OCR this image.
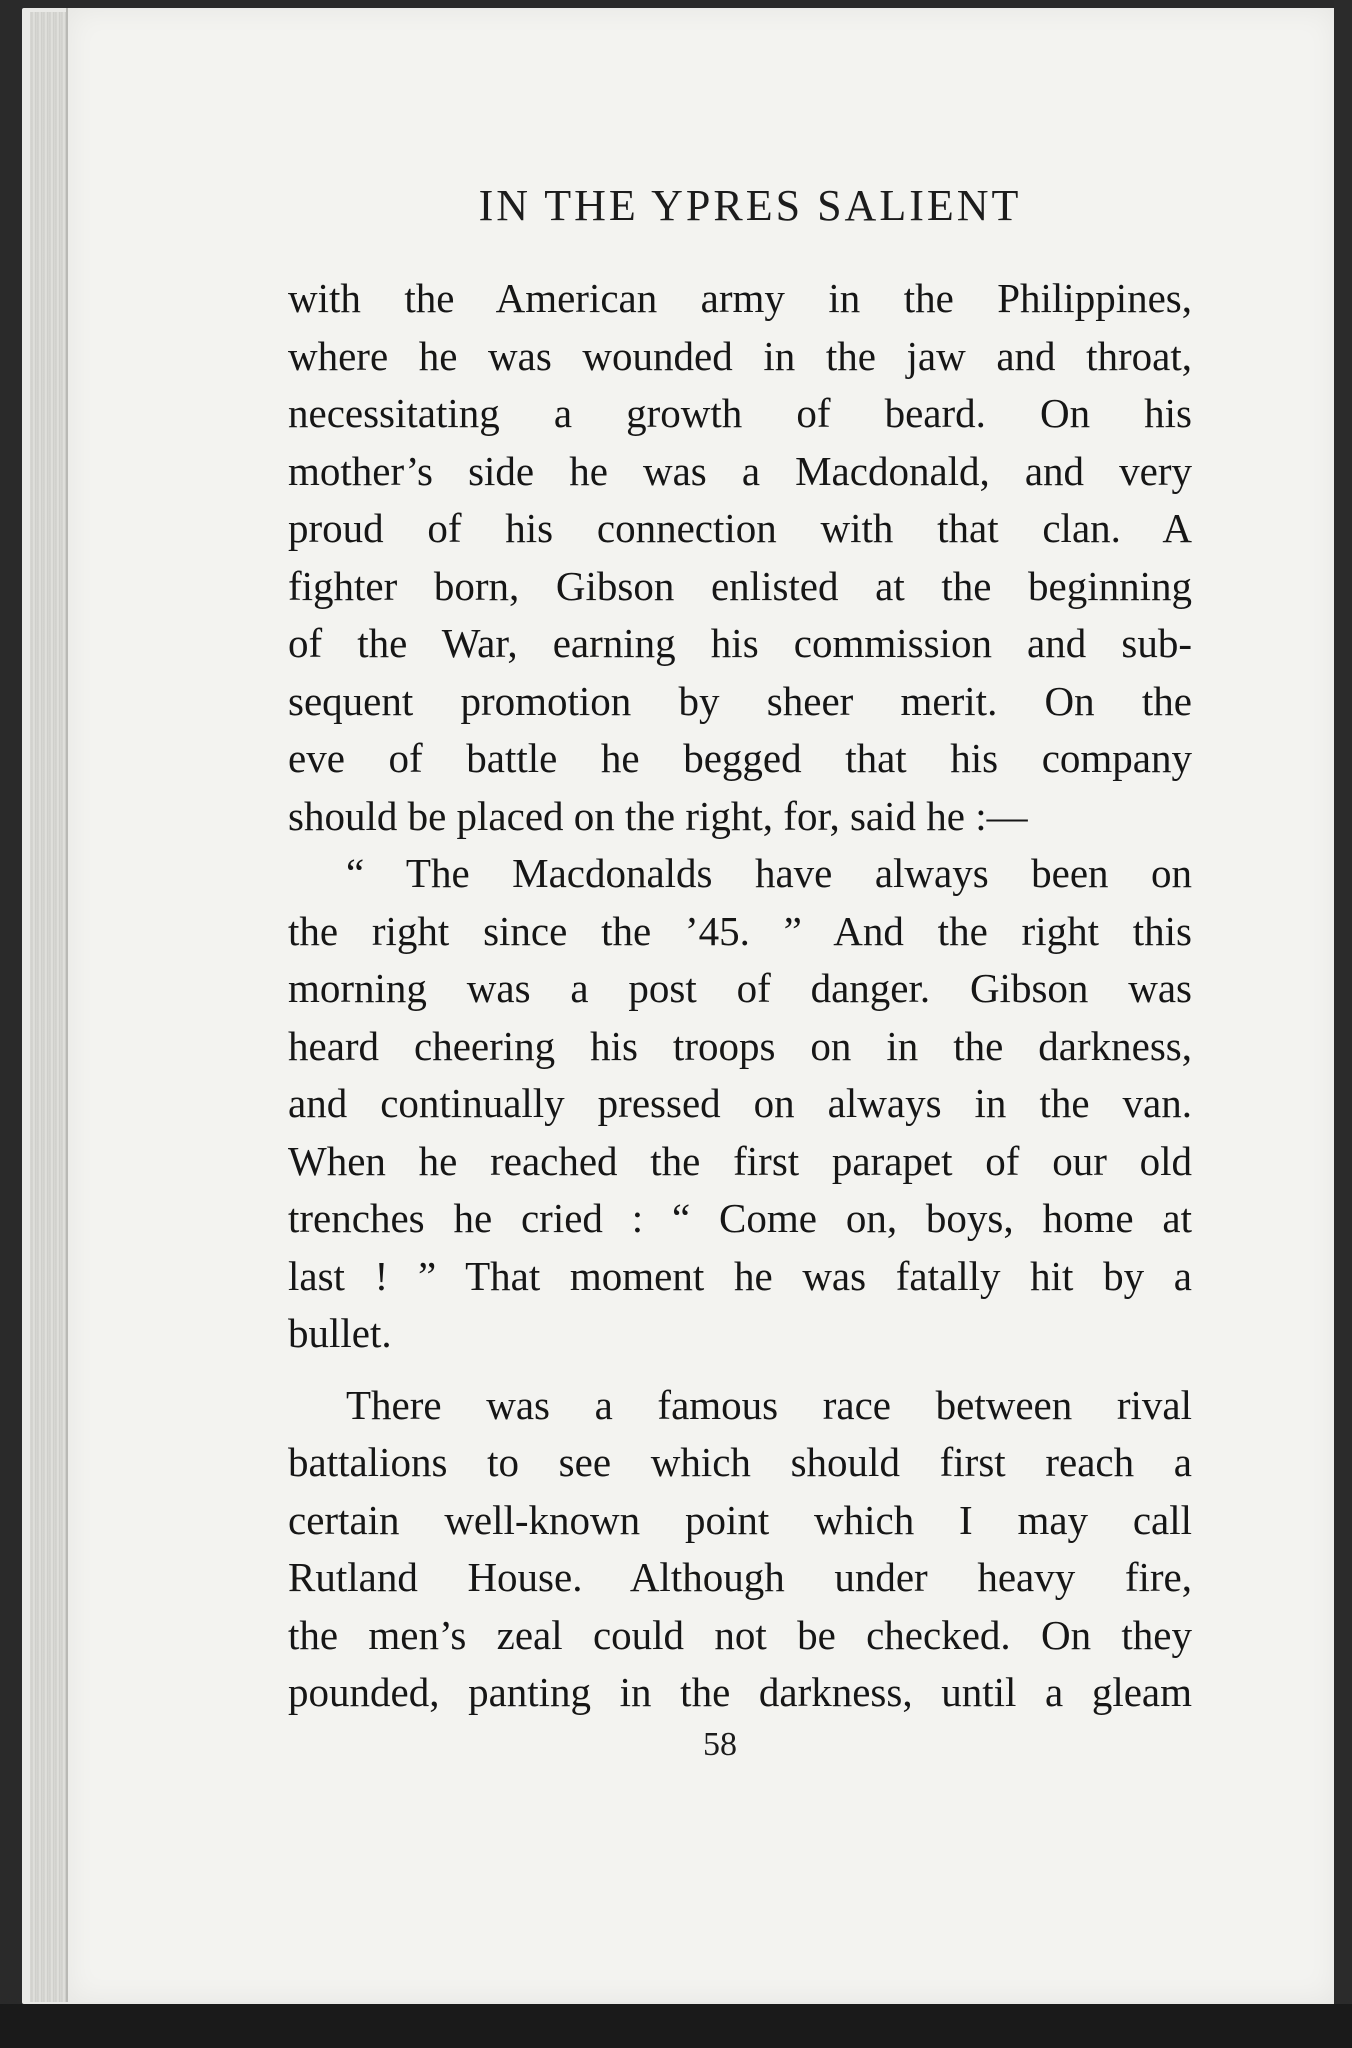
IN THE YPRES SALIENT
with the American army in the Philippines,
where he was wounded in the jaw and throat,
necessitating a growth of beard. On his
mother’s side he was a Macdonald, and very
proud of his connection with that clan. A
fighter born, Gibson enlisted at the beginning
of the War, earning his commission and sub-
sequent promotion by sheer merit. On the
eve of battle he begged that his company
should be placed on the right, for, said he :—
“ The Macdonalds have always been on
the right since the ’45. ” And the right this
morning was a post of danger. Gibson was
heard cheering his troops on in the darkness,
and continually pressed on always in the van.
When he reached the first parapet of our old
trenches he cried : “ Come on, boys, home at
last ! ” That moment he was fatally hit by a
bullet.
There was a famous race between rival
battalions to see which should first reach a
certain well-known point which I may call
Rutland House. Although under heavy fire,
the men’s zeal could not be checked. On they
pounded, panting in the darkness, until a gleam
58
